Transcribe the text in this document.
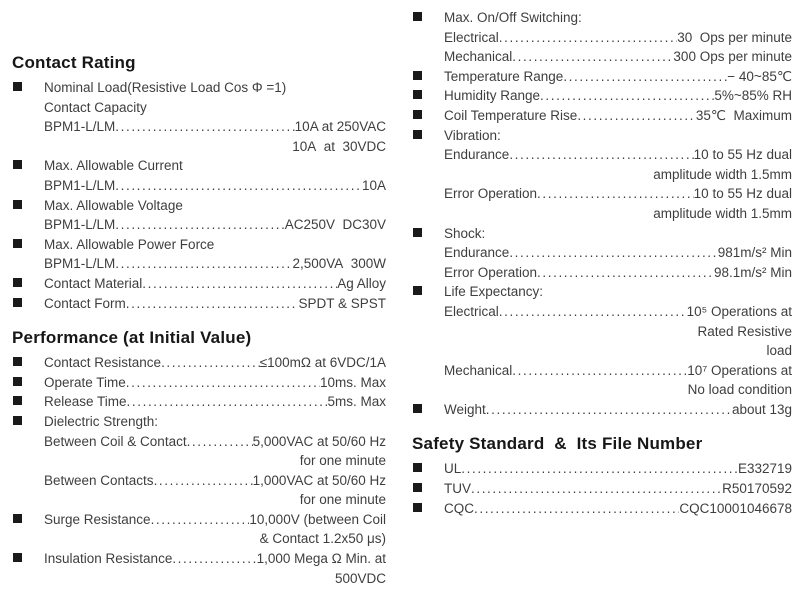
Contact Rating
Nominal Load(Resistive Load Cos Φ =1)
Contact Capacity
BPM1-L/LM .....	10A at 250VAC
10A  at  30VDC
Max. Allowable Current
BPM1-L/LM .....	10A
Max. Allowable Voltage
BPM1-L/LM .....	AC250V  DC30V
Max. Allowable Power Force
BPM1-L/LM .....	2,500VA  300W
Contact Material .....	Ag Alloy
Contact Form .....	SPDT & SPST
Performance (at Initial Value)
Contact Resistance .....	≤100mΩ at 6VDC/1A
Operate Time .....	10ms. Max
Release Time .....	5ms. Max
Dielectric Strength:
Between Coil & Contact .....	5,000VAC at 50/60 Hz
for one minute
Between Contacts .....	1,000VAC at 50/60 Hz
for one minute
Surge Resistance .....	10,000V (between Coil
& Contact 1.2x50 μs)
Insulation Resistance .....	1,000 Mega Ω Min. at
500VDC
Max. On/Off Switching:
Electrical .....	30  Ops per minute
Mechanical .....	300 Ops per minute
Temperature Range .....	− 40~85℃
Humidity Range .....	5%~85% RH
Coil Temperature Rise .....	35℃  Maximum
Vibration:
Endurance .....	10 to 55 Hz dual
amplitude width 1.5mm
Error Operation .....	10 to 55 Hz dual
amplitude width 1.5mm
Shock:
Endurance .....	981m/s² Min
Error Operation .....	98.1m/s² Min
Life Expectancy:
Electrical .....	10⁵ Operations at
Rated Resistive
load
Mechanical .....	10⁷ Operations at
No load condition
Weight .....	about 13g
Safety Standard  &  Its File Number
UL .....	E332719
TUV .....	R50170592
CQC .....	CQC10001046678
